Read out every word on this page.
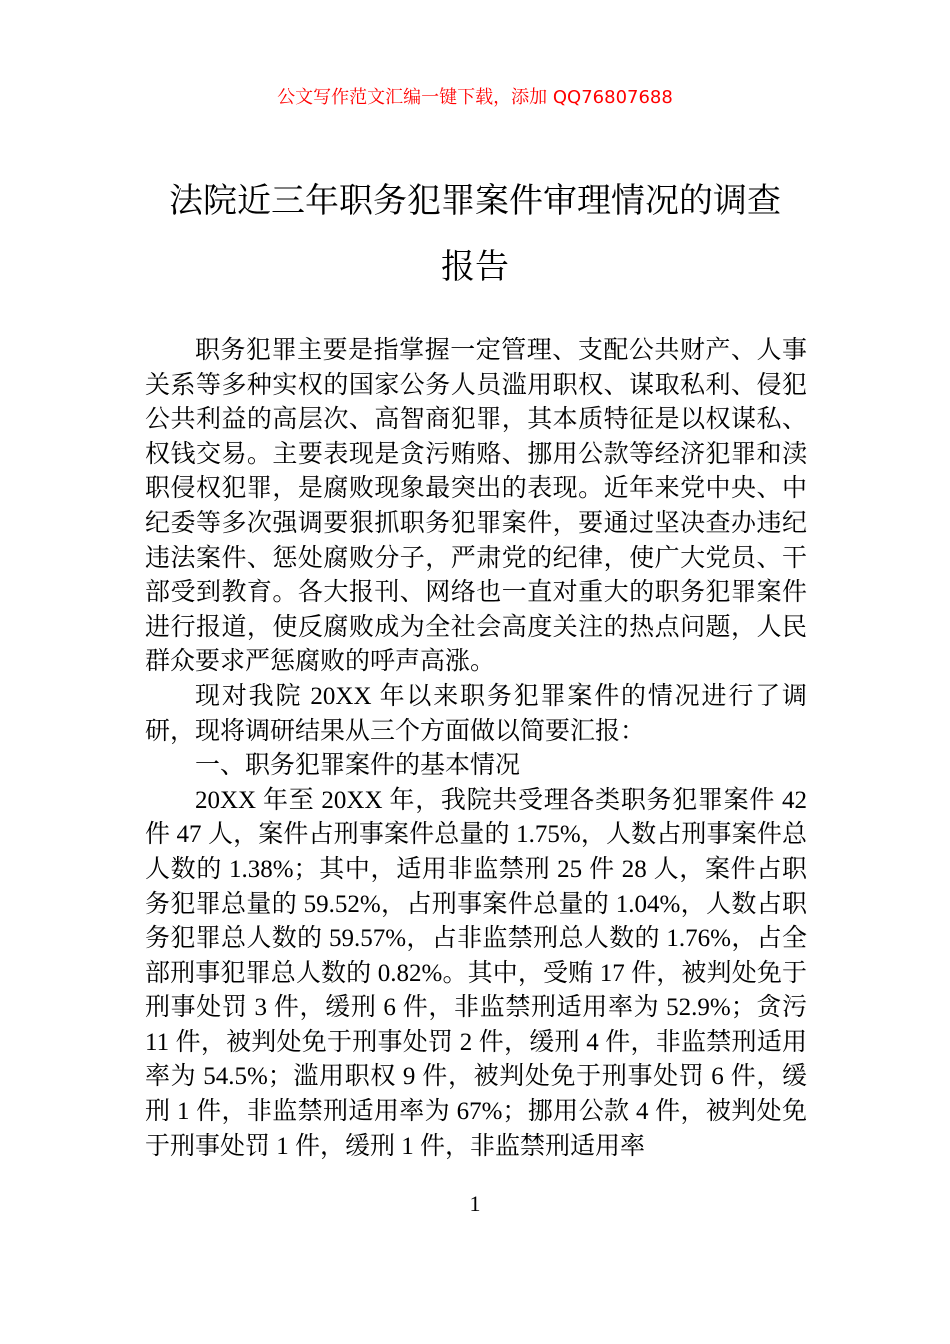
公文写作范文汇编一键下载，添加 QQ76807688
法院近三年职务犯罪案件审理情况的调查
报告

职务犯罪主要是指掌握一定管理、支配公共财产、人事关系等多种实权的国家公务人员滥用职权、谋取私利、侵犯公共利益的高层次、高智商犯罪，其本质特征是以权谋私、权钱交易。主要表现是贪污贿赂、挪用公款等经济犯罪和渎职侵权犯罪，是腐败现象最突出的表现。近年来党中央、中纪委等多次强调要狠抓职务犯罪案件，要通过坚决查办违纪违法案件、惩处腐败分子，严肃党的纪律，使广大党员、干部受到教育。各大报刊、网络也一直对重大的职务犯罪案件进行报道，使反腐败成为全社会高度关注的热点问题，人民群众要求严惩腐败的呼声高涨。

现对我院 20XX 年以来职务犯罪案件的情况进行了调研，现将调研结果从三个方面做以简要汇报：

一、职务犯罪案件的基本情况

20XX 年至 20XX 年，我院共受理各类职务犯罪案件 42 件 47 人，案件占刑事案件总量的 1.75%，人数占刑事案件总人数的 1.38%；其中，适用非监禁刑 25 件 28 人，案件占职务犯罪总量的 59.52%，占刑事案件总量的 1.04%，人数占职务犯罪总人数的 59.57%，占非监禁刑总人数的 1.76%，占全部刑事犯罪总人数的 0.82%。其中，受贿 17 件，被判处免于刑事处罚 3 件，缓刑 6 件，非监禁刑适用率为 52.9%；贪污 11 件，被判处免于刑事处罚 2 件，缓刑 4 件，非监禁刑适用率为 54.5%；滥用职权 9 件，被判处免于刑事处罚 6 件，缓刑 1 件，非监禁刑适用率为 67%；挪用公款 4 件，被判处免于刑事处罚 1 件，缓刑 1 件，非监禁刑适用率

1
